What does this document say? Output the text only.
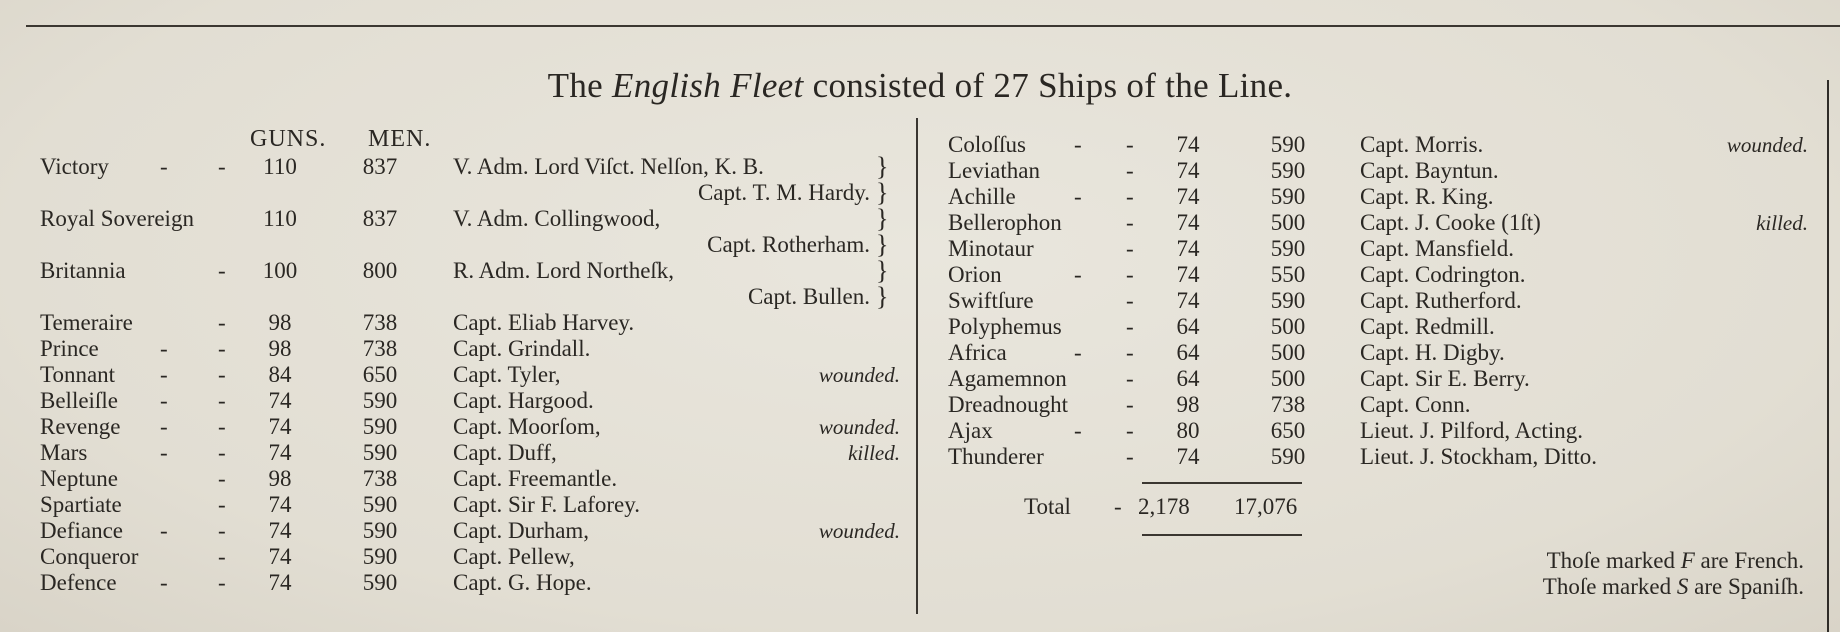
The English Fleet consisted of 27 Ships of the Line.
GUNS. MEN.
Victory - -	110	837	V. Adm. Lord Viſct. Nelſon, K. B.	}
Capt. T. M. Hardy. }
Royal Sovereign	110	837	V. Adm. Collingwood,	}
Capt. Rotherham. }
Britannia	-	100	800	R. Adm. Lord Northeſk,	}
Capt. Bullen. }
Temeraire	-	98	738	Capt. Eliab Harvey.
Prince	- -	98	738	Capt. Grindall.
Tonnant - -	84	650	Capt. Tyler,	wounded.
Belleiſle - -	74	590	Capt. Hargood.
Revenge - -	74	590	Capt. Moorſom,	wounded.
Mars	- -	74	590	Capt. Duff,	killed.
Neptune	-	98	738	Capt. Freemantle.
Spartiate	-	74	590	Capt. Sir F. Laforey.
Defiance - -	74	590	Capt. Durham,	wounded.
Conqueror	-	74	590	Capt. Pellew,
Defence - -	74	590	Capt. G. Hope.
Coloſſus - -	74	590	Capt. Morris.	wounded.
Leviathan	-	74	590	Capt. Bayntun.
Achille	- -	74	590	Capt. R. King.
Bellerophon	-	74	500	Capt. J. Cooke (1ſt)	killed.
Minotaur	-	74	590	Capt. Mansfield.
Orion	- -	74	550	Capt. Codrington.
Swiftſure	-	74	590	Capt. Rutherford.
Polyphemus	-	64	500	Capt. Redmill.
Africa	- -	64	500	Capt. H. Digby.
Agamemnon	-	64	500	Capt. Sir E. Berry.
Dreadnought	-	98	738	Capt. Conn.
Ajax	- -	80	650	Lieut. J. Pilford, Acting.
Thunderer	-	74	590	Lieut. J. Stockham, Ditto.
Total - 2,178 17,076
Thoſe marked F are French.
Thoſe marked S are Spaniſh.
